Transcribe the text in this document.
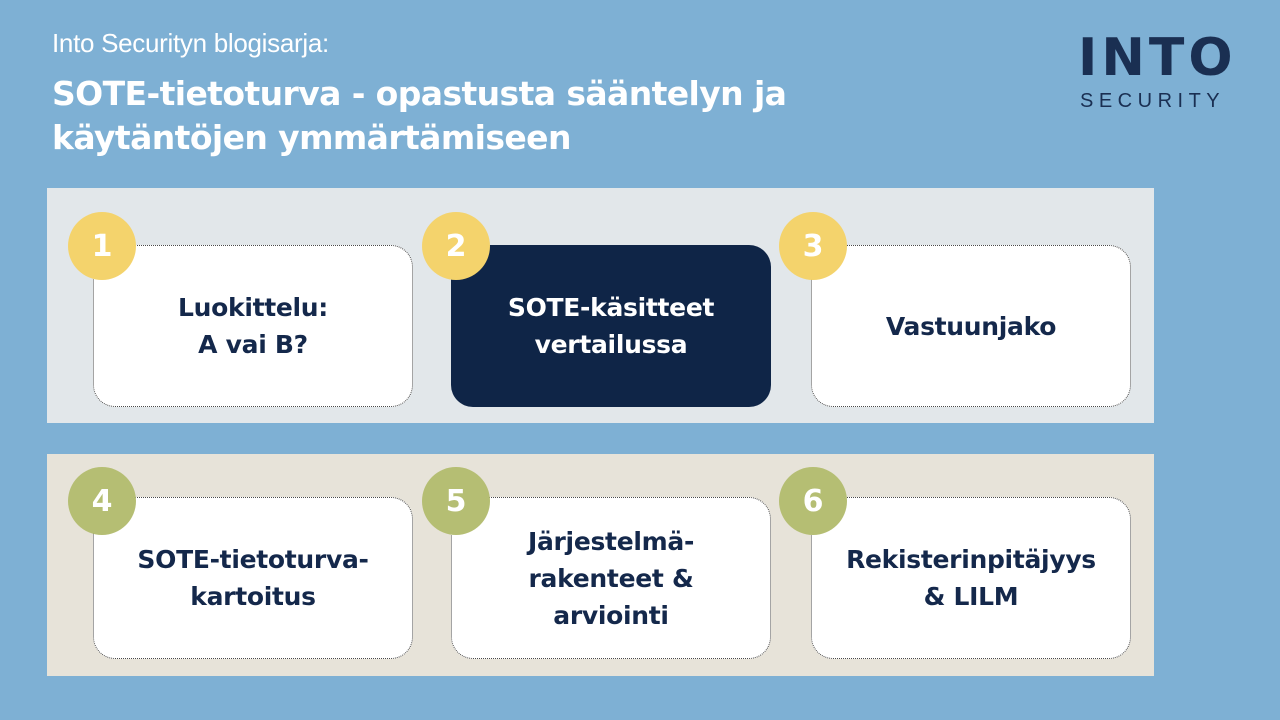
Into Securityn blogisarja:
SOTE-tietoturva - opastusta sääntelyn ja käytäntöjen ymmärtämiseen
INTO
SECURITY
Luokittelu:
A vai B?
1
SOTE-käsitteet
vertailussa
2
Vastuunjako
3
SOTE-tietoturva-
kartoitus
4
Järjestelmä-
rakenteet &
arviointi
5
Rekisterinpitäjyys
& LILM
6
